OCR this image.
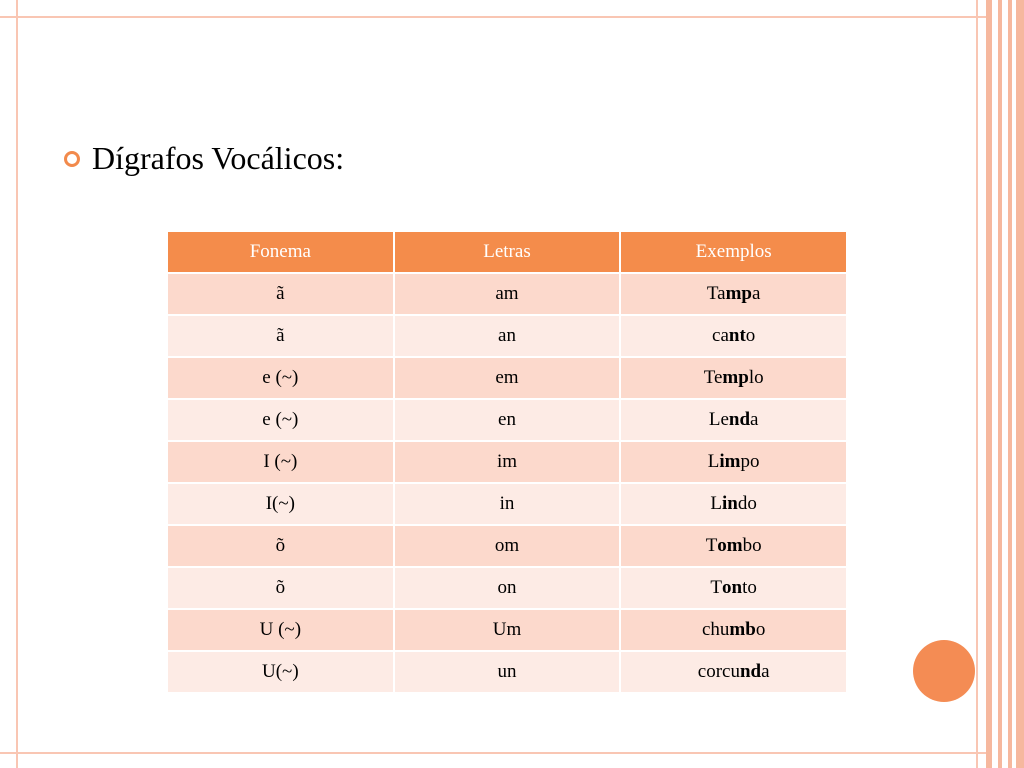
Dígrafos Vocálicos:
Fonema	Letras	Exemplos
ã	am	Tampa
ã	an	canto
e (~)	em	Templo
e (~)	en	Lenda
I (~)	im	Limpo
I(~)	in	Lindo
õ	om	Tombo
õ	on	Tonto
U (~)	Um	chumbo
U(~)	un	corcunda
